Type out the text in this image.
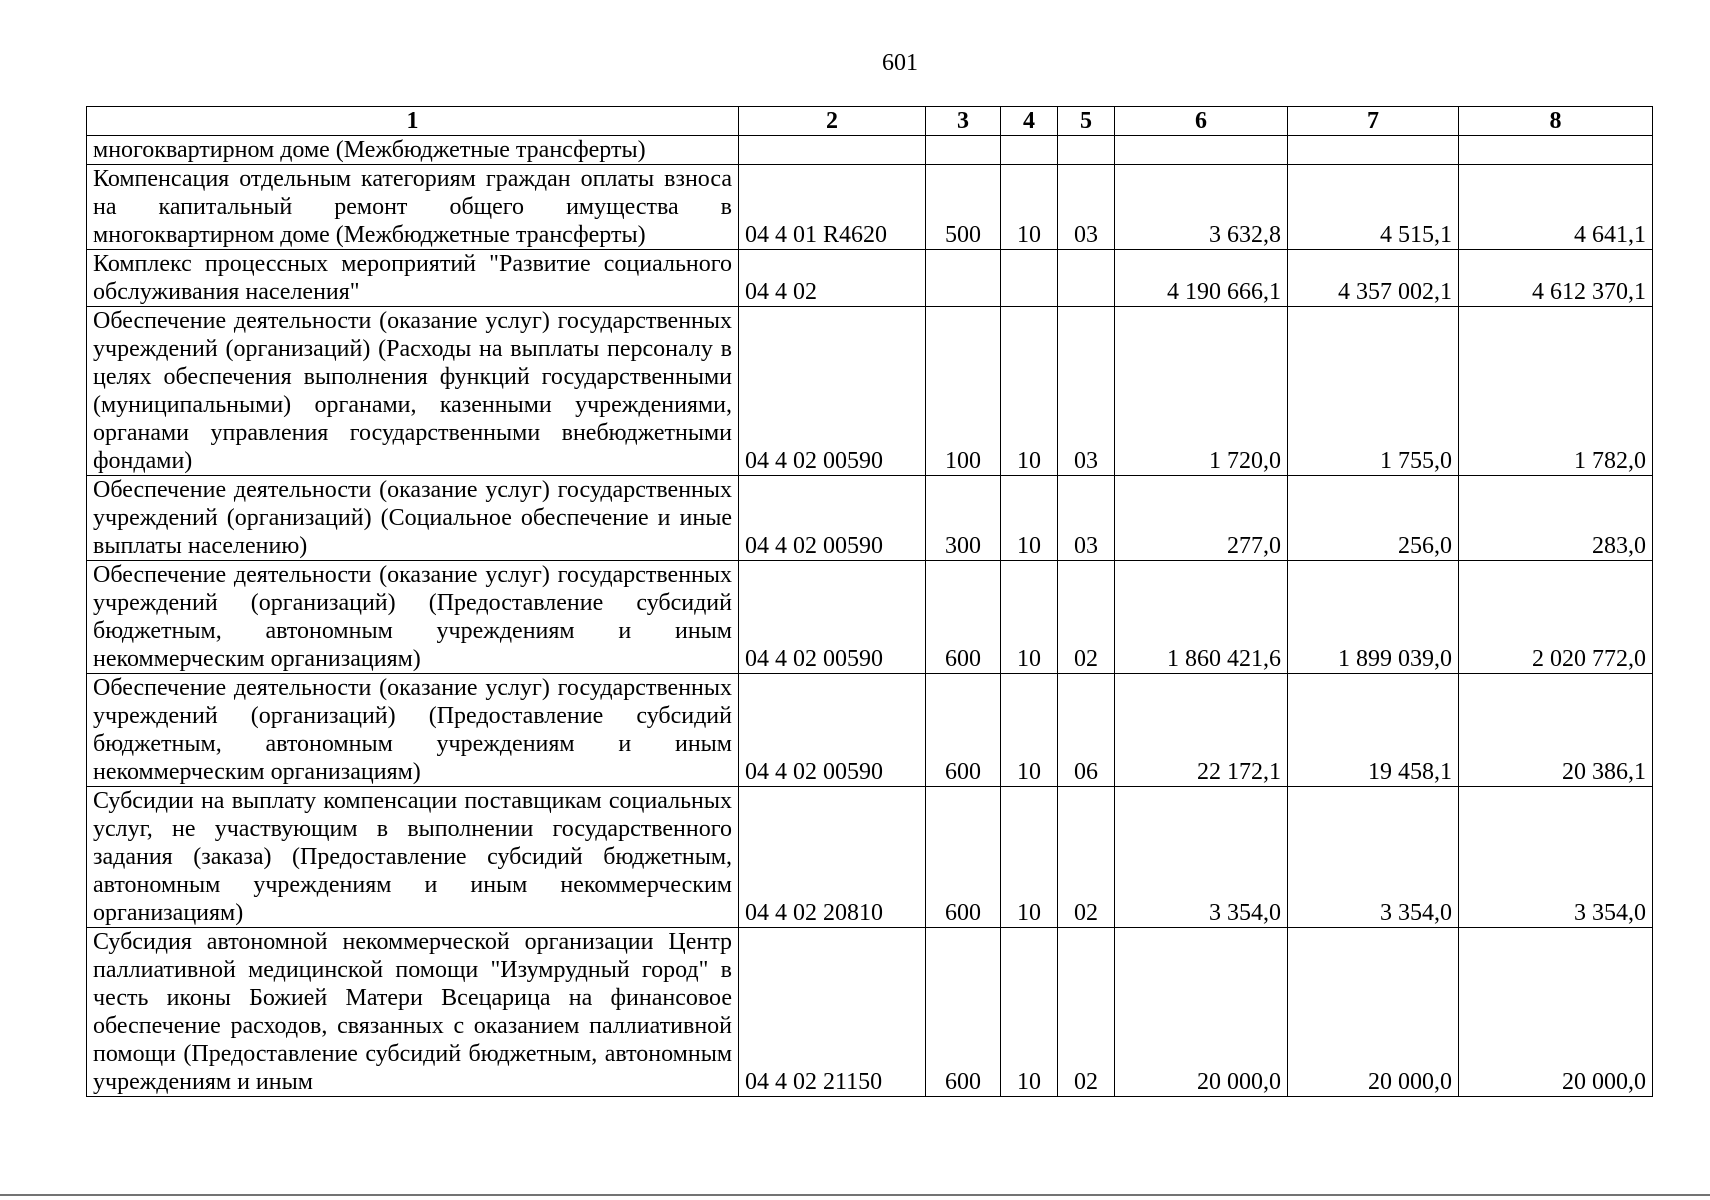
601
1	2	3	4	5	6	7	8
многоквартирном доме (Межбюджетные трансферты)							
Компенсация отдельным категориям граждан оплаты взноса на капитальный ремонт общего имущества в многоквартирном доме (Межбюджетные трансферты)	04 4 01 R4620	500	10	03	3 632,8	4 515,1	4 641,1
Комплекс процессных мероприятий "Развитие социального обслуживания населения"	04 4 02				4 190 666,1	4 357 002,1	4 612 370,1
Обеспечение деятельности (оказание услуг) государственных учреждений (организаций) (Расходы на выплаты персоналу в целях обеспечения выполнения функций государственными (муниципальными) органами, казенными учреждениями, органами управления государственными внебюджетными фондами)	04 4 02 00590	100	10	03	1 720,0	1 755,0	1 782,0
Обеспечение деятельности (оказание услуг) государственных учреждений (организаций) (Социальное обеспечение и иные выплаты населению)	04 4 02 00590	300	10	03	277,0	256,0	283,0
Обеспечение деятельности (оказание услуг) государственных учреждений (организаций) (Предоставление субсидий бюджетным, автономным учреждениям и иным некоммерческим организациям)	04 4 02 00590	600	10	02	1 860 421,6	1 899 039,0	2 020 772,0
Обеспечение деятельности (оказание услуг) государственных учреждений (организаций) (Предоставление субсидий бюджетным, автономным учреждениям и иным некоммерческим организациям)	04 4 02 00590	600	10	06	22 172,1	19 458,1	20 386,1
Субсидии на выплату компенсации поставщикам социальных услуг, не участвующим в выполнении государственного задания (заказа) (Предоставление субсидий бюджетным, автономным учреждениям и иным некоммерческим организациям)	04 4 02 20810	600	10	02	3 354,0	3 354,0	3 354,0
Субсидия автономной некоммерческой организации Центр паллиативной медицинской помощи "Изумрудный город" в честь иконы Божией Матери Всецарица на финансовое обеспечение расходов, связанных с оказанием паллиативной помощи (Предоставление субсидий бюджетным, автономным учреждениям и иным	04 4 02 21150	600	10	02	20 000,0	20 000,0	20 000,0
